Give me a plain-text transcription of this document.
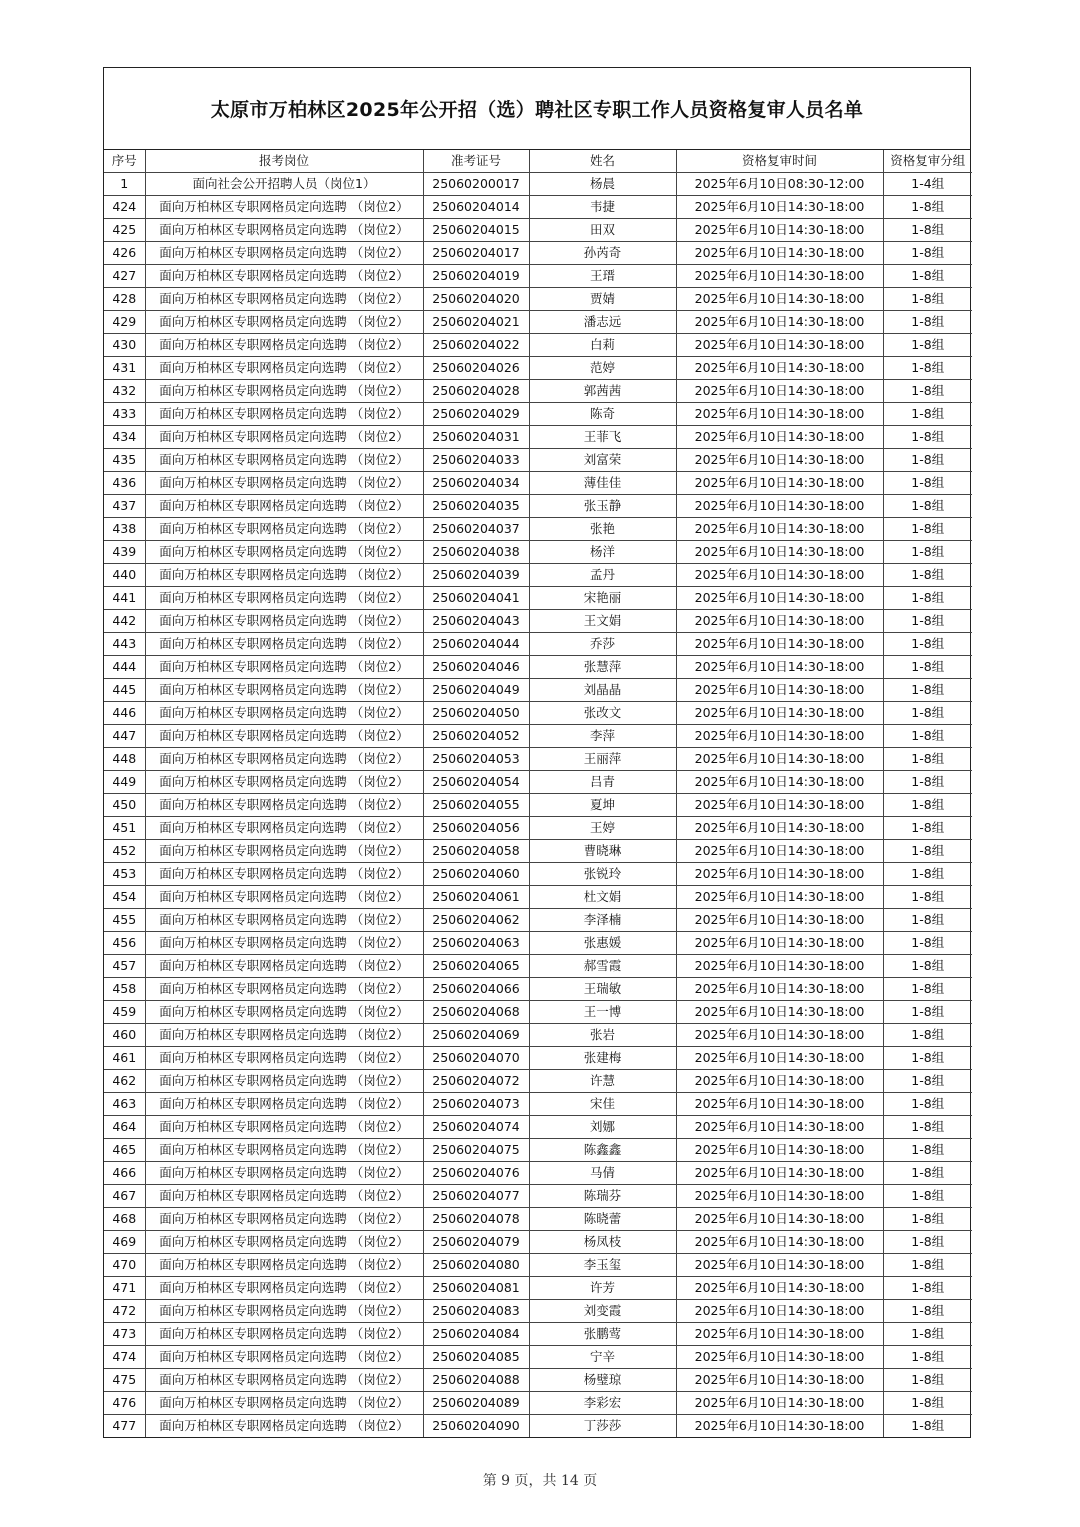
太原市万柏林区2025年公开招（选）聘社区专职工作人员资格复审人员名单
序号	报考岗位	准考证号	姓名	资格复审时间	资格复审分组
1	面向社会公开招聘人员（岗位1）	25060200017	杨晨	2025年6月10日08:30-12:00	1-4组
424	面向万柏林区专职网格员定向选聘 （岗位2）	25060204014	韦捷	2025年6月10日14:30-18:00	1-8组
425	面向万柏林区专职网格员定向选聘 （岗位2）	25060204015	田双	2025年6月10日14:30-18:00	1-8组
426	面向万柏林区专职网格员定向选聘 （岗位2）	25060204017	孙芮奇	2025年6月10日14:30-18:00	1-8组
427	面向万柏林区专职网格员定向选聘 （岗位2）	25060204019	王瑨	2025年6月10日14:30-18:00	1-8组
428	面向万柏林区专职网格员定向选聘 （岗位2）	25060204020	贾婧	2025年6月10日14:30-18:00	1-8组
429	面向万柏林区专职网格员定向选聘 （岗位2）	25060204021	潘志远	2025年6月10日14:30-18:00	1-8组
430	面向万柏林区专职网格员定向选聘 （岗位2）	25060204022	白莉	2025年6月10日14:30-18:00	1-8组
431	面向万柏林区专职网格员定向选聘 （岗位2）	25060204026	范婷	2025年6月10日14:30-18:00	1-8组
432	面向万柏林区专职网格员定向选聘 （岗位2）	25060204028	郭茜茜	2025年6月10日14:30-18:00	1-8组
433	面向万柏林区专职网格员定向选聘 （岗位2）	25060204029	陈奇	2025年6月10日14:30-18:00	1-8组
434	面向万柏林区专职网格员定向选聘 （岗位2）	25060204031	王菲飞	2025年6月10日14:30-18:00	1-8组
435	面向万柏林区专职网格员定向选聘 （岗位2）	25060204033	刘富荣	2025年6月10日14:30-18:00	1-8组
436	面向万柏林区专职网格员定向选聘 （岗位2）	25060204034	薄佳佳	2025年6月10日14:30-18:00	1-8组
437	面向万柏林区专职网格员定向选聘 （岗位2）	25060204035	张玉静	2025年6月10日14:30-18:00	1-8组
438	面向万柏林区专职网格员定向选聘 （岗位2）	25060204037	张艳	2025年6月10日14:30-18:00	1-8组
439	面向万柏林区专职网格员定向选聘 （岗位2）	25060204038	杨洋	2025年6月10日14:30-18:00	1-8组
440	面向万柏林区专职网格员定向选聘 （岗位2）	25060204039	孟丹	2025年6月10日14:30-18:00	1-8组
441	面向万柏林区专职网格员定向选聘 （岗位2）	25060204041	宋艳丽	2025年6月10日14:30-18:00	1-8组
442	面向万柏林区专职网格员定向选聘 （岗位2）	25060204043	王文娟	2025年6月10日14:30-18:00	1-8组
443	面向万柏林区专职网格员定向选聘 （岗位2）	25060204044	乔莎	2025年6月10日14:30-18:00	1-8组
444	面向万柏林区专职网格员定向选聘 （岗位2）	25060204046	张慧萍	2025年6月10日14:30-18:00	1-8组
445	面向万柏林区专职网格员定向选聘 （岗位2）	25060204049	刘晶晶	2025年6月10日14:30-18:00	1-8组
446	面向万柏林区专职网格员定向选聘 （岗位2）	25060204050	张改文	2025年6月10日14:30-18:00	1-8组
447	面向万柏林区专职网格员定向选聘 （岗位2）	25060204052	李萍	2025年6月10日14:30-18:00	1-8组
448	面向万柏林区专职网格员定向选聘 （岗位2）	25060204053	王丽萍	2025年6月10日14:30-18:00	1-8组
449	面向万柏林区专职网格员定向选聘 （岗位2）	25060204054	吕青	2025年6月10日14:30-18:00	1-8组
450	面向万柏林区专职网格员定向选聘 （岗位2）	25060204055	夏坤	2025年6月10日14:30-18:00	1-8组
451	面向万柏林区专职网格员定向选聘 （岗位2）	25060204056	王婷	2025年6月10日14:30-18:00	1-8组
452	面向万柏林区专职网格员定向选聘 （岗位2）	25060204058	曹晓琳	2025年6月10日14:30-18:00	1-8组
453	面向万柏林区专职网格员定向选聘 （岗位2）	25060204060	张锐玲	2025年6月10日14:30-18:00	1-8组
454	面向万柏林区专职网格员定向选聘 （岗位2）	25060204061	杜文娟	2025年6月10日14:30-18:00	1-8组
455	面向万柏林区专职网格员定向选聘 （岗位2）	25060204062	李泽楠	2025年6月10日14:30-18:00	1-8组
456	面向万柏林区专职网格员定向选聘 （岗位2）	25060204063	张惠媛	2025年6月10日14:30-18:00	1-8组
457	面向万柏林区专职网格员定向选聘 （岗位2）	25060204065	郝雪霞	2025年6月10日14:30-18:00	1-8组
458	面向万柏林区专职网格员定向选聘 （岗位2）	25060204066	王瑞敏	2025年6月10日14:30-18:00	1-8组
459	面向万柏林区专职网格员定向选聘 （岗位2）	25060204068	王一博	2025年6月10日14:30-18:00	1-8组
460	面向万柏林区专职网格员定向选聘 （岗位2）	25060204069	张岩	2025年6月10日14:30-18:00	1-8组
461	面向万柏林区专职网格员定向选聘 （岗位2）	25060204070	张建梅	2025年6月10日14:30-18:00	1-8组
462	面向万柏林区专职网格员定向选聘 （岗位2）	25060204072	许慧	2025年6月10日14:30-18:00	1-8组
463	面向万柏林区专职网格员定向选聘 （岗位2）	25060204073	宋佳	2025年6月10日14:30-18:00	1-8组
464	面向万柏林区专职网格员定向选聘 （岗位2）	25060204074	刘娜	2025年6月10日14:30-18:00	1-8组
465	面向万柏林区专职网格员定向选聘 （岗位2）	25060204075	陈鑫鑫	2025年6月10日14:30-18:00	1-8组
466	面向万柏林区专职网格员定向选聘 （岗位2）	25060204076	马倩	2025年6月10日14:30-18:00	1-8组
467	面向万柏林区专职网格员定向选聘 （岗位2）	25060204077	陈瑞芬	2025年6月10日14:30-18:00	1-8组
468	面向万柏林区专职网格员定向选聘 （岗位2）	25060204078	陈晓蕾	2025年6月10日14:30-18:00	1-8组
469	面向万柏林区专职网格员定向选聘 （岗位2）	25060204079	杨凤枝	2025年6月10日14:30-18:00	1-8组
470	面向万柏林区专职网格员定向选聘 （岗位2）	25060204080	李玉玺	2025年6月10日14:30-18:00	1-8组
471	面向万柏林区专职网格员定向选聘 （岗位2）	25060204081	许芳	2025年6月10日14:30-18:00	1-8组
472	面向万柏林区专职网格员定向选聘 （岗位2）	25060204083	刘变霞	2025年6月10日14:30-18:00	1-8组
473	面向万柏林区专职网格员定向选聘 （岗位2）	25060204084	张鹏莺	2025年6月10日14:30-18:00	1-8组
474	面向万柏林区专职网格员定向选聘 （岗位2）	25060204085	宁辛	2025年6月10日14:30-18:00	1-8组
475	面向万柏林区专职网格员定向选聘 （岗位2）	25060204088	杨璧琼	2025年6月10日14:30-18:00	1-8组
476	面向万柏林区专职网格员定向选聘 （岗位2）	25060204089	李彩宏	2025年6月10日14:30-18:00	1-8组
477	面向万柏林区专职网格员定向选聘 （岗位2）	25060204090	丁莎莎	2025年6月10日14:30-18:00	1-8组
第 9 页，共 14 页
